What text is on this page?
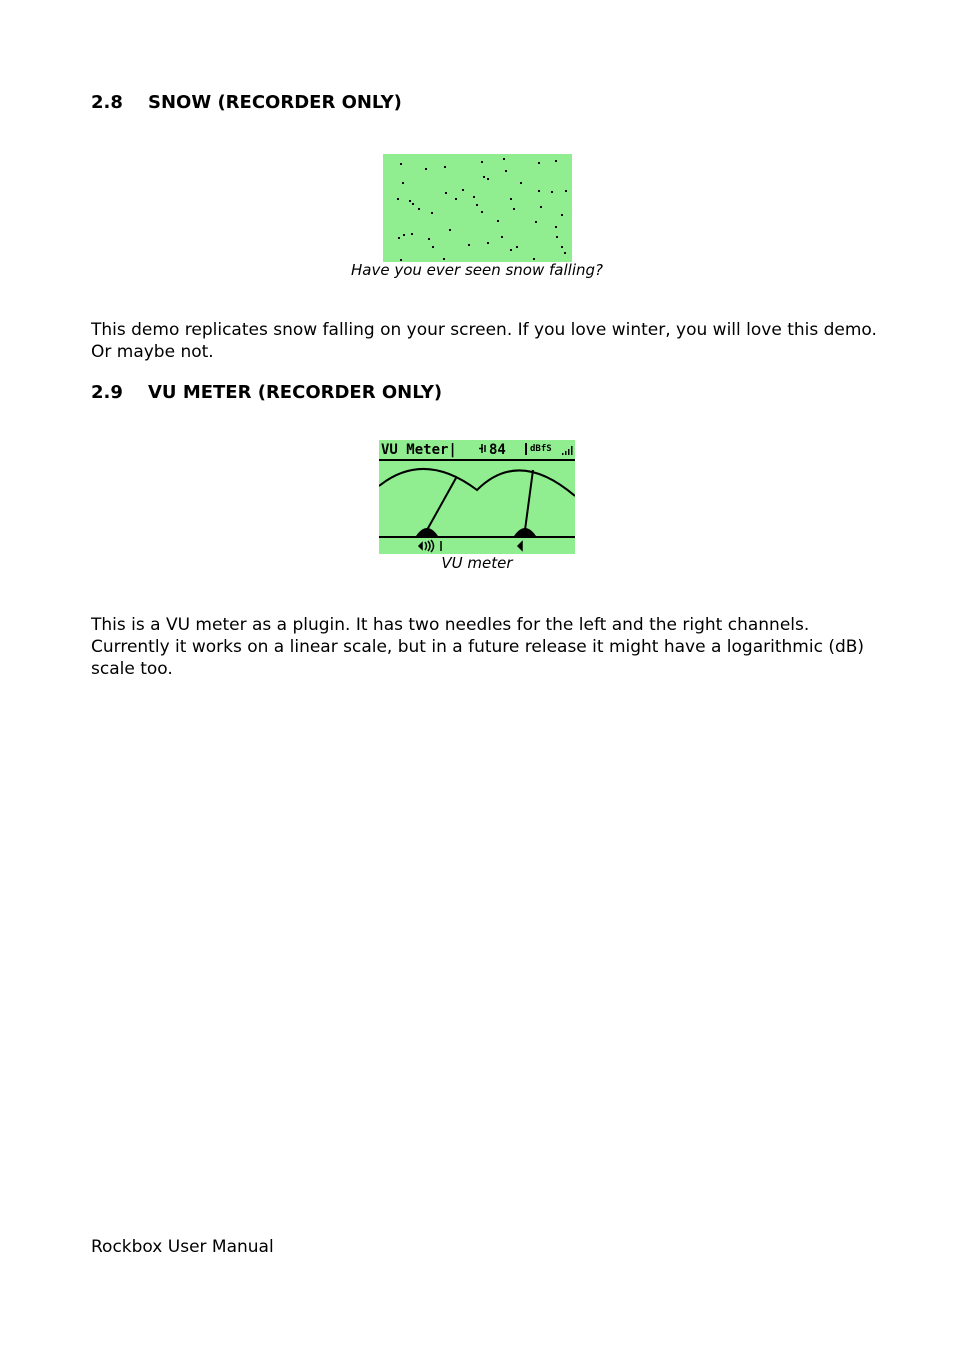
2.8 SNOW (RECORDER ONLY)

Have you ever seen snow falling?

This demo replicates snow falling on your screen. If you love winter, you will love this demo. Or maybe not.

2.9 VU METER (RECORDER ONLY)
VU Meter| 84	dBfS

VU meter

This is a VU meter as a plugin. It has two needles for the left and the right channels. Currently it works on a linear scale, but in a future release it might have a logarithmic (dB) scale too.

Rockbox User Manual
